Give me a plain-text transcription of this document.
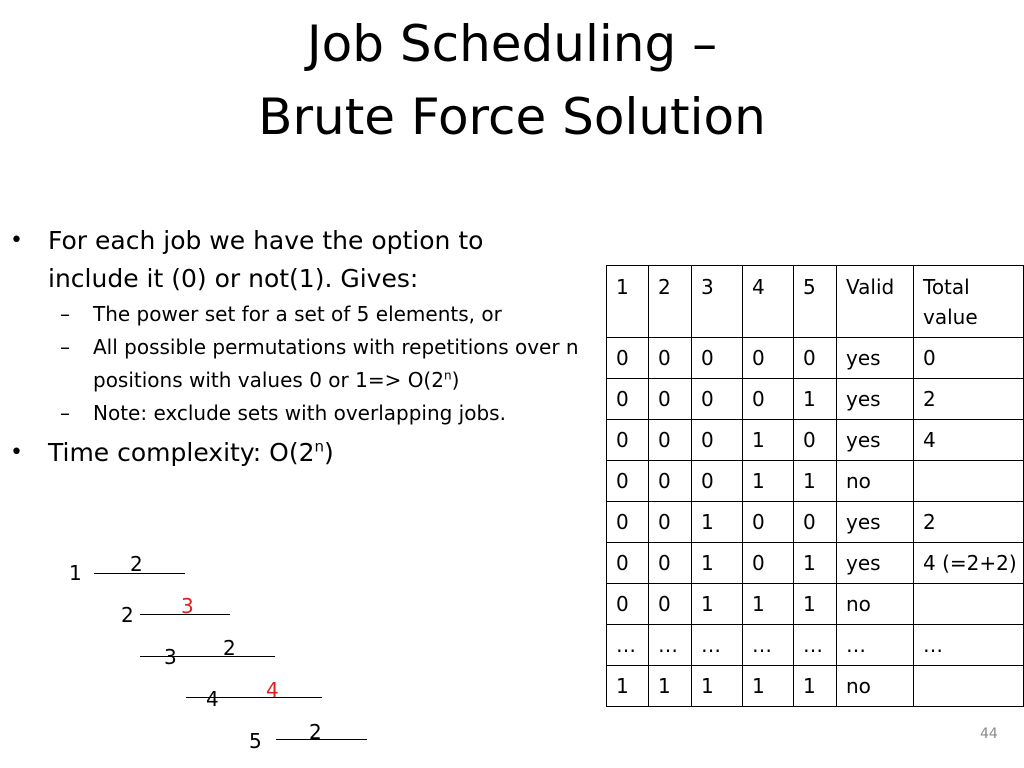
Job Scheduling –
Brute Force Solution
• For each job we have the option to include it (0) or not(1). Gives:
– The power set for a set of 5 elements, or
– All possible permutations with repetitions over n positions with values 0 or $1=> O(2^n)$
– Note: exclude sets with overlapping jobs.
• Time complexity: O(2$^n$)
1 2
2 3
3 2
4 4
5 2
1	2	3	4	5	Valid	Total value
0	0	0	0	0	yes	0
0	0	0	0	1	yes	2
0	0	0	1	0	yes	4
0	0	0	1	1	no	
0	0	1	0	0	yes	2
0	0	1	0	1	yes	4 (=2+2)
0	0	1	1	1	no	
…	…	…	…	…	…	…
1	1	1	1	1	no	
44
